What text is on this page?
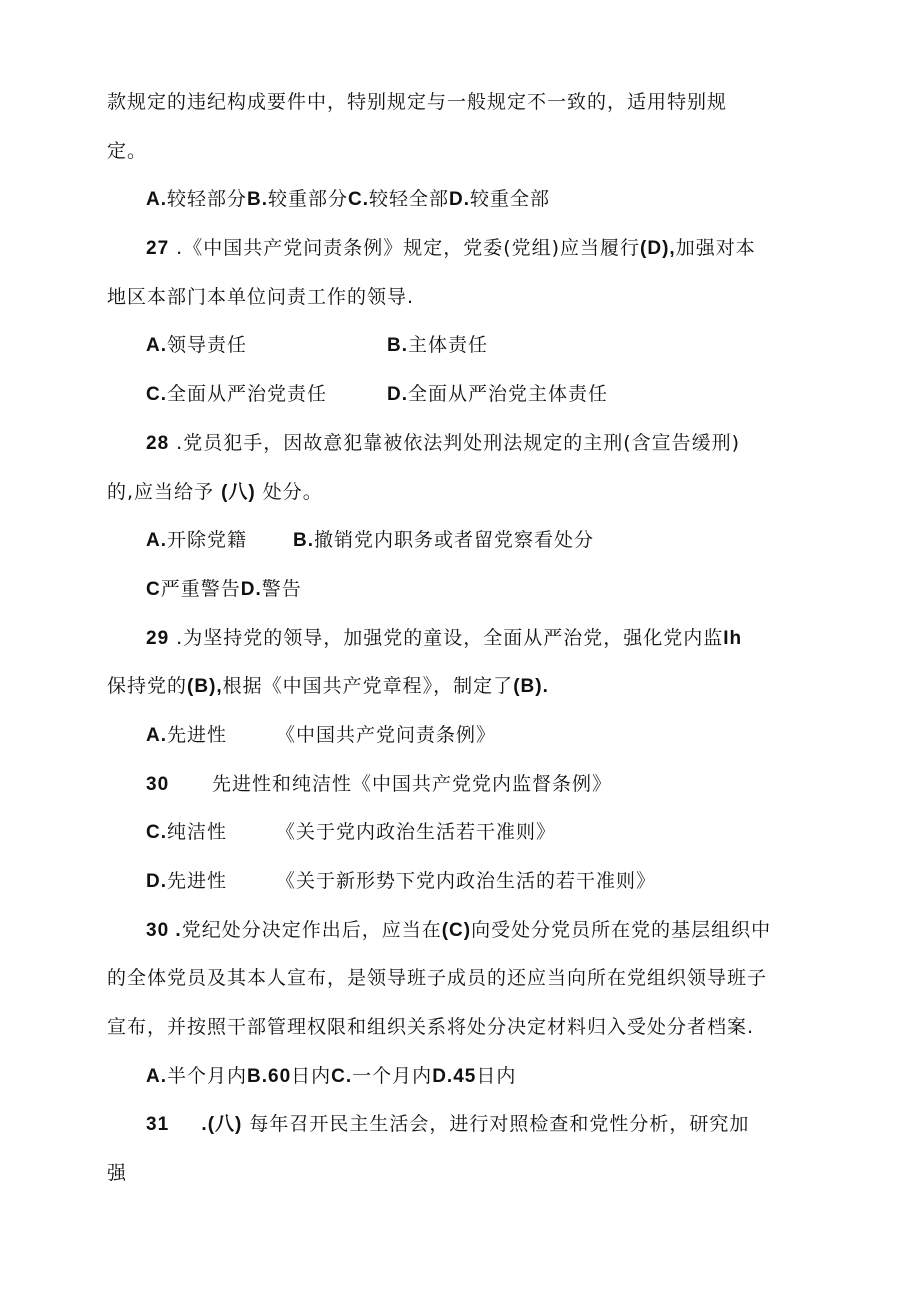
款规定的违纪构成要件中，特别规定与一般规定不一致的，适用特别规
定。
A.较轻部分B.较重部分C.较轻全部D.较重全部
27 .《中国共产党问责条例》规定，党委(党组)应当履行(D),加强对本
地区本部门本单位问责工作的领导.
A.领导责任	B.主体责任
C.全面从严治党责任	D.全面从严治党主体责任
28 .党员犯手，因故意犯靠被依法判处刑法规定的主刑(含宣告缓刑)
的,应当给予 (八) 处分。
A.开除党籍 B.撤销党内职务或者留党察看处分
C严重警告D.警告
29 .为坚持党的领导，加强党的童设，全面从严治党，强化党内监Ih
保持党的(B),根据《中国共产党章程》，制定了(B).
A.先进性	《中国共产党问责条例》
30 先进性和纯洁性《中国共产党党内监督条例》
C.纯洁性	《关于党内政治生活若干准则》
D.先进性	《关于新形势下党内政治生活的若干准则》
30 .党纪处分决定作出后，应当在(C)向受处分党员所在党的基层组织中
的全体党员及其本人宣布，是领导班子成员的还应当向所在党组织领导班子
宣布，并按照干部管理权限和组织关系将处分决定材料归入受处分者档案.
A.半个月内B.60日内C.一个月内D.45日内
31 .(八) 每年召开民主生活会，进行对照检查和党性分析，研究加
强
